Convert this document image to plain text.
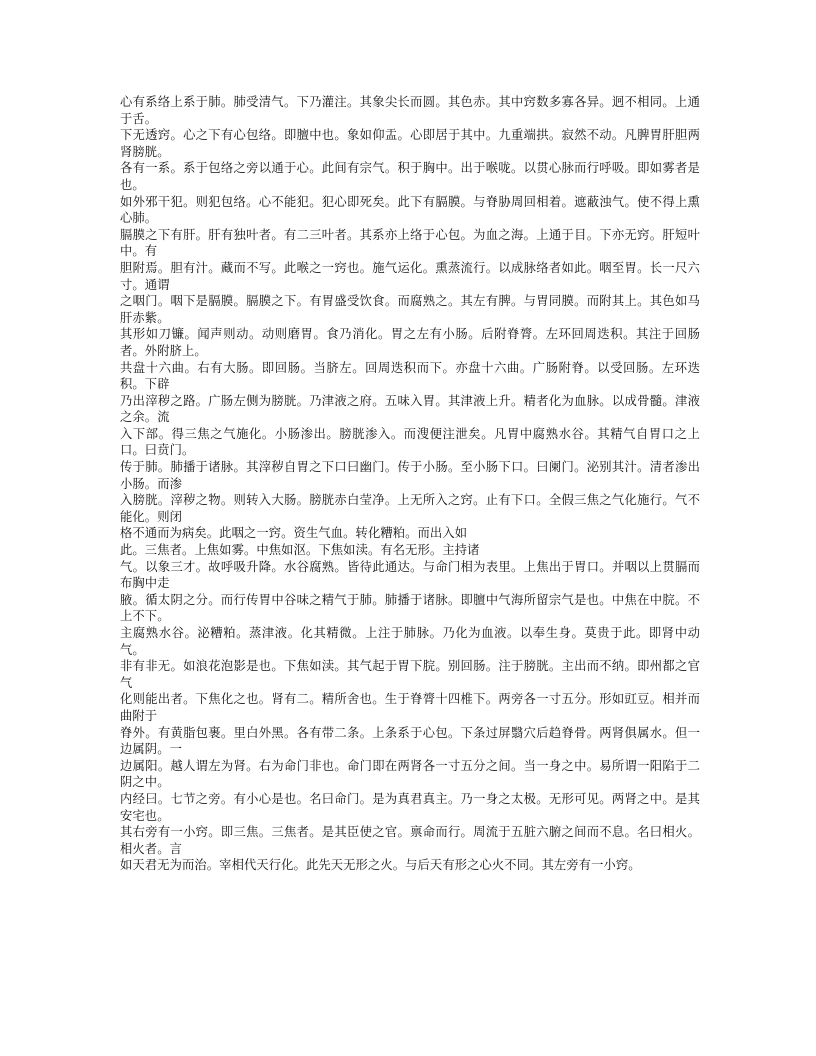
心有系络上系于肺。肺受清气。下乃灌注。其象尖长而圆。其色赤。其中窍数多寡各异。迥不相同。上通于舌。

下无透窍。心之下有心包络。即膻中也。象如仰盂。心即居于其中。九重端拱。寂然不动。凡脾胃肝胆两肾膀胱。

各有一系。系于包络之旁以通于心。此间有宗气。积于胸中。出于喉咙。以贯心脉而行呼吸。即如雾者是也。

如外邪干犯。则犯包络。心不能犯。犯心即死矣。此下有膈膜。与脊胁周回相着。遮蔽浊气。使不得上熏心肺。

膈膜之下有肝。肝有独叶者。有二三叶者。其系亦上络于心包。为血之海。上通于目。下亦无窍。肝短叶中。有

胆附焉。胆有汁。藏而不写。此喉之一窍也。施气运化。熏蒸流行。以成脉络者如此。咽至胃。长一尺六寸。通谓

之咽门。咽下是膈膜。膈膜之下。有胃盛受饮食。而腐熟之。其左有脾。与胃同膜。而附其上。其色如马肝赤紫。

其形如刀镰。闻声则动。动则磨胃。食乃消化。胃之左有小肠。后附脊膂。左环回周迭积。其注于回肠者。外附脐上。

共盘十六曲。右有大肠。即回肠。当脐左。回周迭积而下。亦盘十六曲。广肠附脊。以受回肠。左环迭积。下辟

乃出滓秽之路。广肠左侧为膀胱。乃津液之府。五味入胃。其津液上升。精者化为血脉。以成骨髓。津液之余。流

入下部。得三焦之气施化。小肠渗出。膀胱渗入。而溲便注泄矣。凡胃中腐熟水谷。其精气自胃口之上口。曰贲门。

传于肺。肺播于诸脉。其滓秽自胃之下口曰幽门。传于小肠。至小肠下口。曰阑门。泌别其汁。清者渗出小肠。而渗

入膀胱。滓秽之物。则转入大肠。膀胱赤白莹净。上无所入之窍。止有下口。全假三焦之气化施行。气不能化。则闭

格不通而为病矣。此咽之一窍。资生气血。转化糟粕。而出入如

此。三焦者。上焦如雾。中焦如沤。下焦如渎。有名无形。主持诸

气。以象三才。故呼吸升降。水谷腐熟。皆待此通达。与命门相为表里。上焦出于胃口。并咽以上贯膈而布胸中走

腋。循太阴之分。而行传胃中谷味之精气于肺。肺播于诸脉。即膻中气海所留宗气是也。中焦在中脘。不上不下。

主腐熟水谷。泌糟粕。蒸津液。化其精微。上注于肺脉。乃化为血液。以奉生身。莫贵于此。即肾中动气。

非有非无。如浪花泡影是也。下焦如渎。其气起于胃下脘。别回肠。注于膀胱。主出而不纳。即州都之官气

化则能出者。下焦化之也。肾有二。精所舍也。生于脊膂十四椎下。两旁各一寸五分。形如豇豆。相并而曲附于

脊外。有黄脂包裹。里白外黑。各有带二条。上条系于心包。下条过屏翳穴后趋脊骨。两肾俱属水。但一边属阴。一

边属阳。越人谓左为肾。右为命门非也。命门即在两肾各一寸五分之间。当一身之中。易所谓一阳陷于二阴之中。

内经曰。七节之旁。有小心是也。名曰命门。是为真君真主。乃一身之太极。无形可见。两肾之中。是其安宅也。

其右旁有一小窍。即三焦。三焦者。是其臣使之官。禀命而行。周流于五脏六腑之间而不息。名曰相火。相火者。言

如天君无为而治。宰相代天行化。此先天无形之火。与后天有形之心火不同。其左旁有一小窍。
